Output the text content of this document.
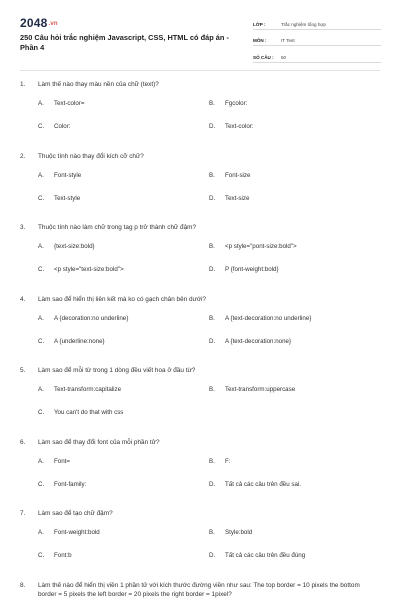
2048.vn
250 Câu hỏi trắc nghiệm Javascript, CSS, HTML có đáp án - Phần 4
LỚP :	Trắc nghiệm tổng hợp
MÔN :	IT Test
SỐ CÂU :	50
1. Làm thế nào thay màu nền của chữ (text)?
A. Text-color=	B. Fgcolor:
C. Color:	D. Text-color:
2. Thuộc tính nào thay đổi kích cỡ chữ?
A. Font-style	B. Font-size
C. Text-style	D. Text-size
3. Thuộc tính nào làm chữ trong tag p trở thành chữ đậm?
A. {text-size:bold}	B. <p style="pont-size:bold">
C. <p style="text-size:bold">	D. P {font-weight:bold}
4. Làm sao để hiển thị liên kết mà ko có gạch chân bên dưới?
A. A {decoration:no underline}	B. A {text-decoration:no underline}
C. A {underline:none}	D. A {text-decoration:none}
5. Làm sao để mỗi từ trong 1 dòng đều viết hoa ở đầu từ?
A. Text-transform:capitalize	B. Text-transform:uppercase
C. You can't do that with css
6. Làm sao để thay đổi font của mỗi phần tử?
A. Font=	B. F:
C. Font-family:	D. Tất cả các câu trên đều sai.
7. Làm sao để tạo chữ đậm?
A. Font-weight:bold	B. Style:bold
C. Font:b	D. Tất cả các câu trên đều đúng
8. Làm thế nào để hiển thị viền 1 phần tử với kích thước đường viền như sau: The top border = 10 pixels the bottom border = 5 pixels the left border = 20 pixels the right border = 1pixel?
